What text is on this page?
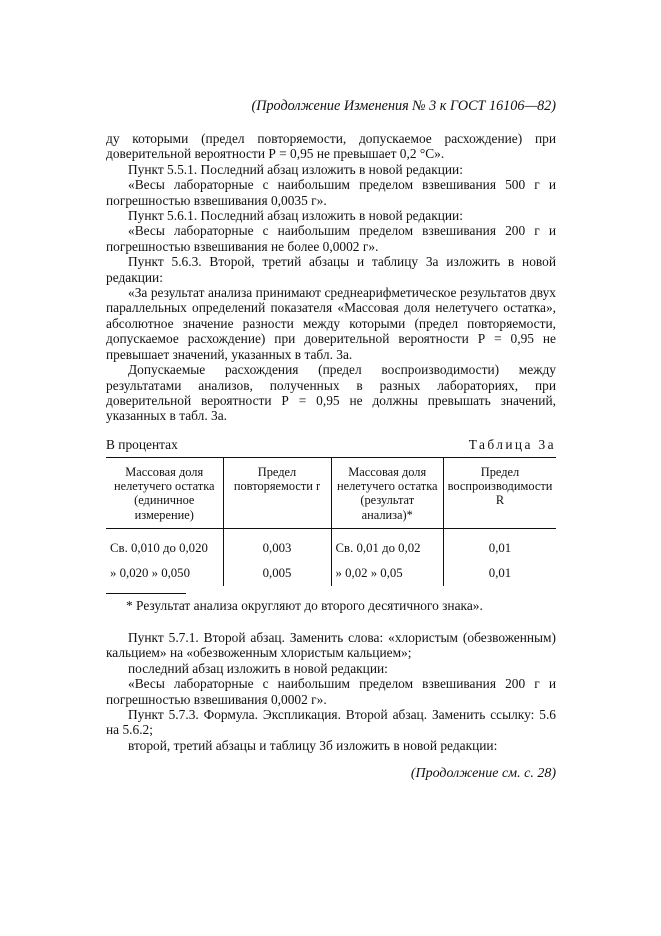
(Продолжение Изменения № 3 к ГОСТ 16106—82)

ду которыми (предел повторяемости, допускаемое расхождение) при доверительной вероятности Р = 0,95 не превышает 0,2 °С».

Пункт 5.5.1. Последний абзац изложить в новой редакции:

«Весы лабораторные с наибольшим пределом взвешивания 500 г и погрешностью взвешивания 0,0035 г».

Пункт 5.6.1. Последний абзац изложить в новой редакции:

«Весы лабораторные с наибольшим пределом взвешивания 200 г и погрешностью взвешивания не более 0,0002 г».

Пункт 5.6.3. Второй, третий абзацы и таблицу 3а изложить в новой редакции:

«За результат анализа принимают среднеарифметическое результатов двух параллельных определений показателя «Массовая доля нелетучего остатка», абсолютное значение разности между которыми (предел повторяемости, допускаемое расхождение) при доверительной вероятности Р = 0,95 не превышает значений, указанных в табл. 3а.

Допускаемые расхождения (предел воспроизводимости) между результатами анализов, полученных в разных лабораториях, при доверительной вероятности Р = 0,95 не должны превышать значений, указанных в табл. 3а.

В процентах	Таблица 3а
Массовая доля нелетучего остатка (единичное измерение)	Предел повторяемости r	Массовая доля нелетучего остатка (результат анализа)*	Предел воспроизводимости R
Св. 0,010 до 0,020	0,003	Св. 0,01 до 0,02	0,01
» 0,020 » 0,050	0,005	» 0,02 » 0,05	0,01
* Результат анализа округляют до второго десятичного знака».

Пункт 5.7.1. Второй абзац. Заменить слова: «хлористым (обезвоженным) кальцием» на «обезвоженным хлористым кальцием»;

последний абзац изложить в новой редакции:

«Весы лабораторные с наибольшим пределом взвешивания 200 г и погрешностью взвешивания 0,0002 г».

Пункт 5.7.3. Формула. Экспликация. Второй абзац. Заменить ссылку: 5.6 на 5.6.2;

второй, третий абзацы и таблицу 3б изложить в новой редакции:

(Продолжение см. с. 28)
